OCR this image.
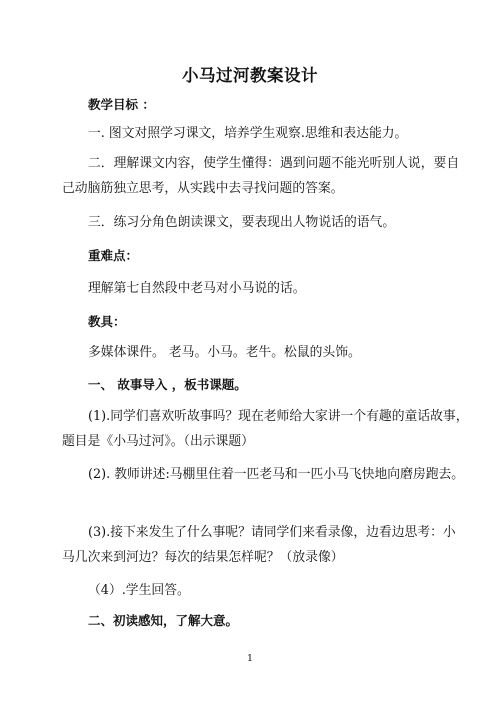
小马过河教案设计
教学目标 ：
一. 图文对照学习课文，培养学生观察.思维和表达能力。
二．理解课文内容，使学生懂得：遇到问题不能光听别人说，要自
己动脑筋独立思考，从实践中去寻找问题的答案。
三．练习分角色朗读课文，要表现出人物说话的语气。
重难点：
理解第七自然段中老马对小马说的话。
教具：
多媒体课件。 老马。小马。老牛。松鼠的头饰。
一、 故事导入 ，板书课题。
(1).同学们喜欢听故事吗？现在老师给大家讲一个有趣的童话故事，
题目是《小马过河》。（出示课题）
(2). 教师讲述:马棚里住着一匹老马和一匹小马飞快地向磨房跑去。
(3).接下来发生了什么事呢？请同学们来看录像，边看边思考：小
马几次来到河边？每次的结果怎样呢？（放录像）
（4）.学生回答。
二、初读感知，了解大意。
1
